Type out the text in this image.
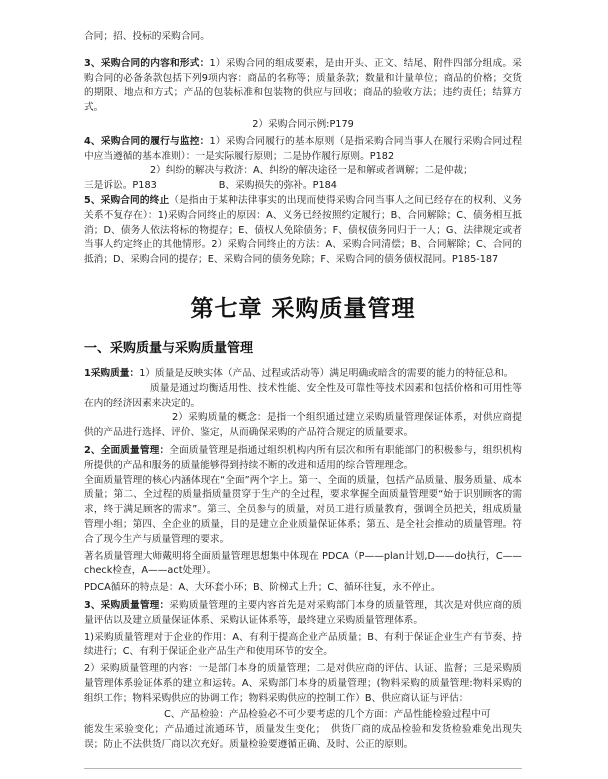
合同；招、投标的采购合同。

3、采购合同的内容和形式：1）采购合同的组成要素，是由开头、正文、结尾、附件四部分组成。采购合同的必备条款包括下列9项内容：商品的名称等；质量条款；数量和计量单位；商品的价格；交货的期限、地点和方式；产品的包装标准和包装物的供应与回收；商品的验收方法；违约责任；结算方式。

2）采购合同示例:P179

4、采购合同的履行与监控：1）采购合同履行的基本原则（是指采购合同当事人在履行采购合同过程中应当遵循的基本准则）：一是实际履行原则；二是协作履行原则。P182

2）纠纷的解决与救济：A、纠纷的解决途径一是和解或者调解；二是仲裁；

三是诉讼。P183	B、采购损失的弥补。P184

5、采购合同的终止（是指由于某种法律事实的出现而使得采购合同当事人之间已经存在的权利、义务关系不复存在）：1)采购合同终止的原因：A、义务已经按照约定履行；B、合同解除；C、债务相互抵消；D、债务人依法将标的物提存；E、债权人免除债务；F、债权债务同归于一人；G、法律规定或者当事人约定终止的其他情形。2）采购合同终止的方法：A、采购合同清偿；B、合同解除；C、合同的抵消；D、采购合同的提存；E、采购合同的债务免除；F、采购合同的债务债权混同。P185-187

第七章 采购质量管理
一、采购质量与采购质量管理

1采购质量：1）质量是反映实体（产品、过程或活动等）满足明确或暗含的需要的能力的特征总和。

质量是通过均衡适用性、技术性能、安全性及可靠性等技术因素和包括价格和可用性等在内的经济因素来决定的。

2）采购质量的概念：是指一个组织通过建立采购质量管理保证体系，对供应商提供的产品进行选择、评价、鉴定，从而确保采购的产品符合规定的质量要求。

2、全面质量管理：全面质量管理是指通过组织机构内所有层次和所有职能部门的积极参与，组织机构所提供的产品和服务的质量能够得到持续不断的改进和适用的综合管理理念。

全面质量管理的核心内涵体现在“全面”两个字上。第一、全面的质量，包括产品质量、服务质量、成本质量；第二、全过程的质量指质量贯穿于生产的全过程，要求掌握全面质量管理要“始于识别顾客的需求，终于满足顾客的需求”。第三、全员参与的质量，对员工进行质量教育，强调全员把关，组成质量管理小组；第四、全企业的质量，目的是建立企业质量保证体系；第五、是全社会推动的质量管理。符合了现今生产与质量管理的要求。

著名质量管理大师戴明将全面质量管理思想集中体现在 PDCA（P——plan计划,D——do执行，C——check检查，A——act处理）。

PDCA循环的特点是：A、大环套小环；B、阶梯式上升；C、循环往复，永不停止。

3、采购质量管理：采购质量管理的主要内容首先是对采购部门本身的质量管理，其次是对供应商的质量评估以及建立质量保证体系、采购认证体系等，最终建立采购质量管理体系。

1)采购质量管理对于企业的作用：A、有利于提高企业产品质量；B、有利于保证企业生产有节奏、持续进行；C、有利于保证企业产品生产和使用环节的安全。

2）采购质量管理的内容：一是部门本身的质量管理；二是对供应商的评估、认证、监督；三是采购质量管理体系验证体系的建立和运转。A、采购部门本身的质量管理；(物料采购的质量管理:物料采购的组织工作；物料采购供应的协调工作；物料采购供应的控制工作）B、供应商认证与评估：

C、产品检验：产品检验必不可少要考虑的几个方面：产品性能检验过程中可

能发生采验变化；产品通过流通环节，质量发生变化；　供货厂商的成品检验和发货检验难免出现失误；防止不法供货厂商以次充好。质量检验要遵循正确、及时、公正的原则。
